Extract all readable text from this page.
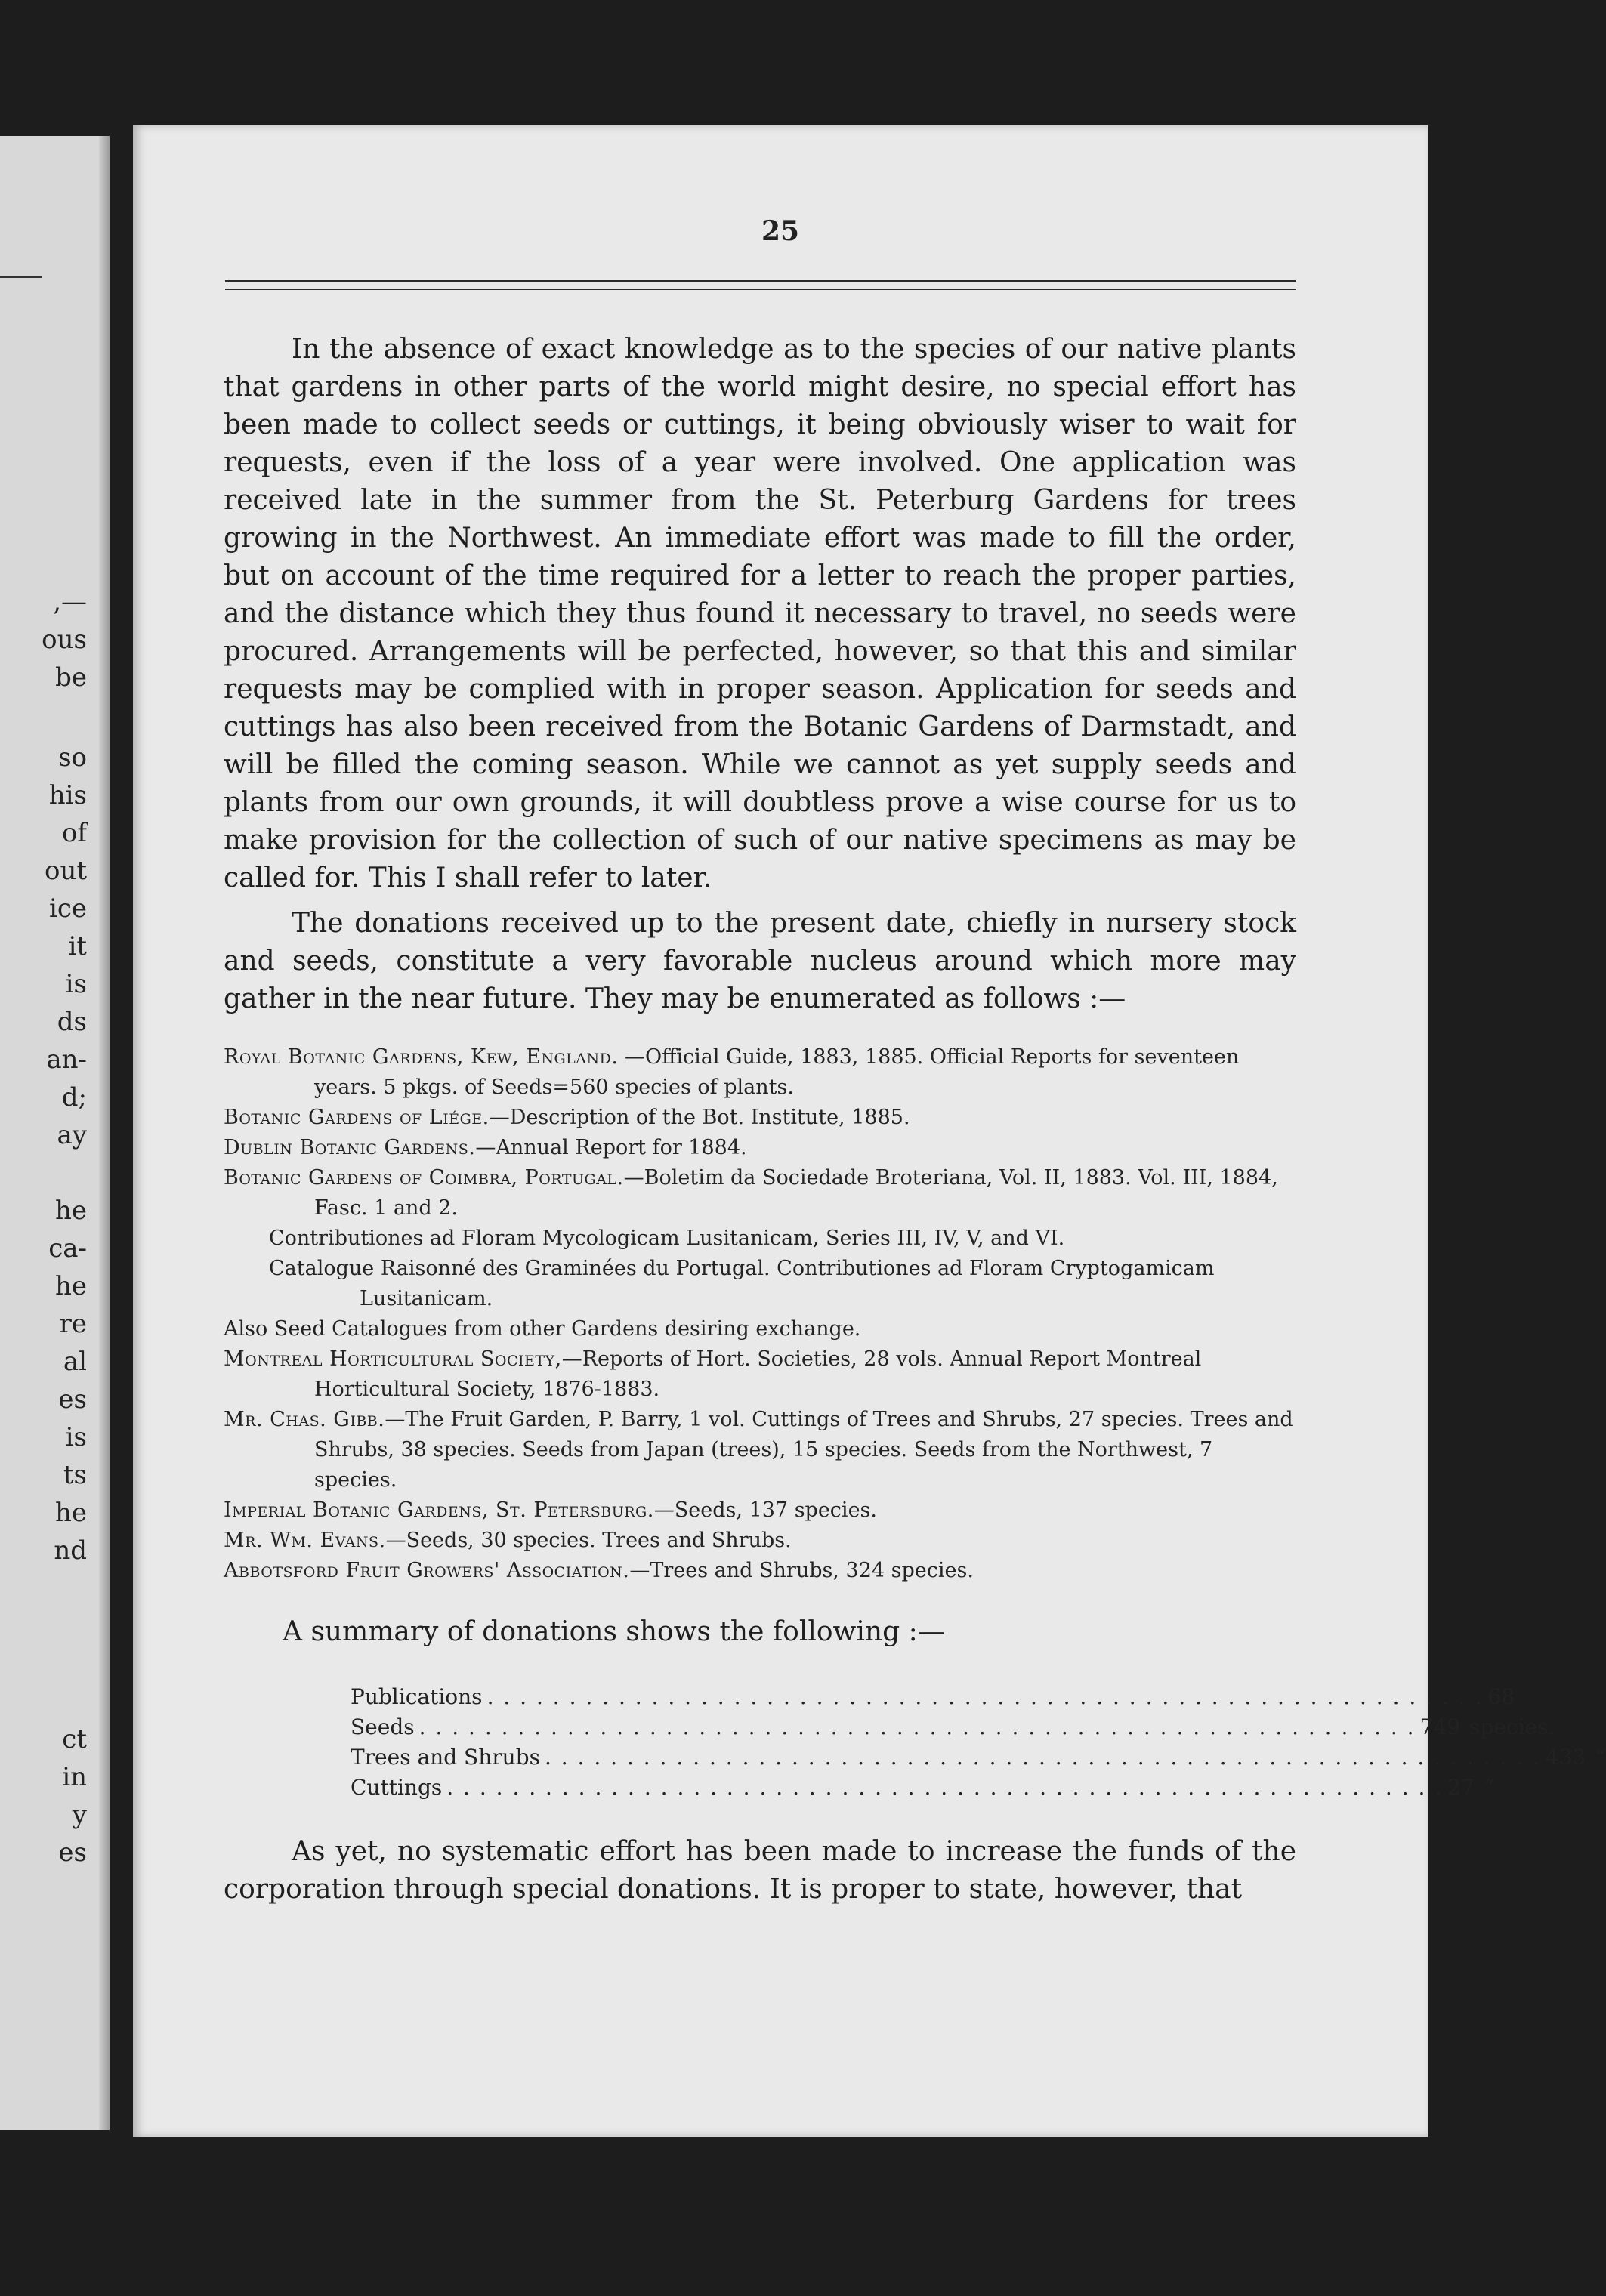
,—
ous
be
so
his
of
out
ice
it
is
ds
an-
d;
ay
he
ca-
he
re
al
es
is
ts
he
nd
ct
in
y
es
25

In the absence of exact knowledge as to the species of our native plants that gardens in other parts of the world might desire, no special effort has been made to collect seeds or cuttings, it being obviously wiser to wait for requests, even if the loss of a year were involved. One application was received late in the summer from the St. Peterburg Gardens for trees growing in the Northwest. An immediate effort was made to fill the order, but on account of the time required for a letter to reach the proper parties, and the distance which they thus found it necessary to travel, no seeds were procured. Arrangements will be perfected, however, so that this and similar requests may be complied with in proper season. Application for seeds and cuttings has also been received from the Botanic Gardens of Darmstadt, and will be filled the coming season. While we cannot as yet supply seeds and plants from our own grounds, it will doubtless prove a wise course for us to make provision for the collection of such of our native specimens as may be called for. This I shall refer to later.

The donations received up to the present date, chiefly in nursery stock and seeds, constitute a very favorable nucleus around which more may gather in the near future. They may be enumerated as follows :—

Royal Botanic Gardens, Kew, England. —Official Guide, 1883, 1885. Official Reports for seventeen years. 5 pkgs. of Seeds=560 species of plants.
Botanic Gardens of Liége.—Description of the Bot. Institute, 1885.
Dublin Botanic Gardens.—Annual Report for 1884.
Botanic Gardens of Coimbra, Portugal.—Boletim da Sociedade Broteriana, Vol. II, 1883. Vol. III, 1884, Fasc. 1 and 2.
Contributiones ad Floram Mycologicam Lusitanicam, Series III, IV, V, and VI.
Catalogue Raisonné des Graminées du Portugal. Contributiones ad Floram Cryptogamicam Lusitanicam.
Also Seed Catalogues from other Gardens desiring exchange.
Montreal Horticultural Society,—Reports of Hort. Societies, 28 vols. Annual Report Montreal Horticultural Society, 1876-1883.
Mr. Chas. Gibb.—The Fruit Garden, P. Barry, 1 vol. Cuttings of Trees and Shrubs, 27 species. Trees and Shrubs, 38 species. Seeds from Japan (trees), 15 species. Seeds from the Northwest, 7 species.
Imperial Botanic Gardens, St. Petersburg.—Seeds, 137 species.
Mr. Wm. Evans.—Seeds, 30 species. Trees and Shrubs.
Abbotsford Fruit Growers' Association.—Trees and Shrubs, 324 species.

A summary of donations shows the following :—

Publications . . . . . . . . . . . . . . . . . . . . . . . . . . . . . . . . . . . . . . . . . . . . . . . . . . . . . . . . . . . . . 68
Seeds . . . . . . . . . . . . . . . . . . . . . . . . . . . . . . . . . . . . . . . . . . . . . . . . . . . . . . . . . . . . . 749 species.
Trees and Shrubs . . . . . . . . . . . . . . . . . . . . . . . . . . . . . . . . . . . . . . . . . . . . . . . . . . . . . . . . . . . . . 433 “
Cuttings . . . . . . . . . . . . . . . . . . . . . . . . . . . . . . . . . . . . . . . . . . . . . . . . . . . . . . . . . . . . . 27 “

As yet, no systematic effort has been made to increase the funds of the corporation through special donations. It is proper to state, however, that
